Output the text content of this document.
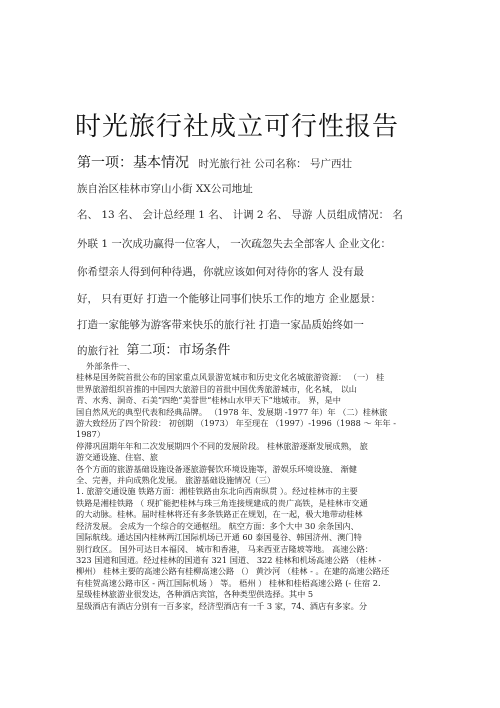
时光旅行社成立可行性报告
第一项：基本情况 时光旅行社 公司名称： 号广西壮
族自治区桂林市穿山小街 XX公司地址
名、 13 名、 会计总经理 1 名、 计调 2 名、 导游 人员组成情况： 名
外联 1 一次成功赢得一位客人， 一次疏忽失去全部客人 企业文化：
你希望亲人得到何种待遇，你就应该如何对待你的客人 没有最
好， 只有更好 打造一个能够让同事们快乐工作的地方 企业愿景：
打造一家能够为游客带来快乐的旅行社 打造一家品质始终如一
的旅行社 第二项：市场条件
外部条件一、
桂林是国务院首批公布的国家重点风景游览城市和历史文化名城旅游资源： （一） 桂
世界旅游组织首推的中国四大旅游目的首批中国优秀旅游城市，化名城， 以山
青、水秀、洞奇、石美“四绝”美誉世“桂林山水甲天下”地城市。 界，是中
国自然风光的典型代表和经典品牌。 （1978 年、发展期 -1977 年）年 （二）桂林旅
游大致经历了四个阶段： 初创期 （1973） 年至现在 （1997）-1996（1988 ～ 年年 -
1987）
停滞巩固期年年和二次发展期四个不同的发展阶段。 桂林旅游逐渐发展成熟， 旅
游交通设施、住宿、旅
各个方面的旅游基础设施设备逐旅游餐饮环境设施等，游娱乐环境设施、 渐健
全、完善，并向成熟化发展。 旅游基础设施情况（三）
1. 旅游交通设施 铁路方面：湘桂铁路由东北向西南纵贯 ）。经过桂林市的主要
铁路是湘桂铁路 （ 现扩能把桂林与珠三角连接规建成的贵广高铁，是桂林市交通
的大动脉。桂林。届时桂林将还有多条铁路正在规划，在一起，极大地带动桂林
经济发展。 会成为一个综合的交通枢纽。 航空方面：多个大中 30 余条国内、
国际航线。通达国内桂林两江国际机场已开通 60 泰国曼谷、韩国济州、澳门特
别行政区。 国外可达日本福冈、 城市和香港， 马来西亚吉隆坡等地。 高速公路：
323 国道和国道。经过桂林的国道有 321 国道、 322 桂林和机场高速公路 （桂林 -
柳州） 桂林主要的高速公路有桂柳高速公路 （） 黄沙河 （桂林 - 。在建的高速公路还
有桂贺高速公路市区 - 两江国际机场 ） 等。 梧州 ） 桂林和桂梧高速公路 (- 住宿 2.
星级桂林旅游业很发达，各种酒店宾馆，各种类型供选择。其中 5
星级酒店有酒店分别有一百多家，经济型酒店有一千 3 家，74、酒店有多家。分
